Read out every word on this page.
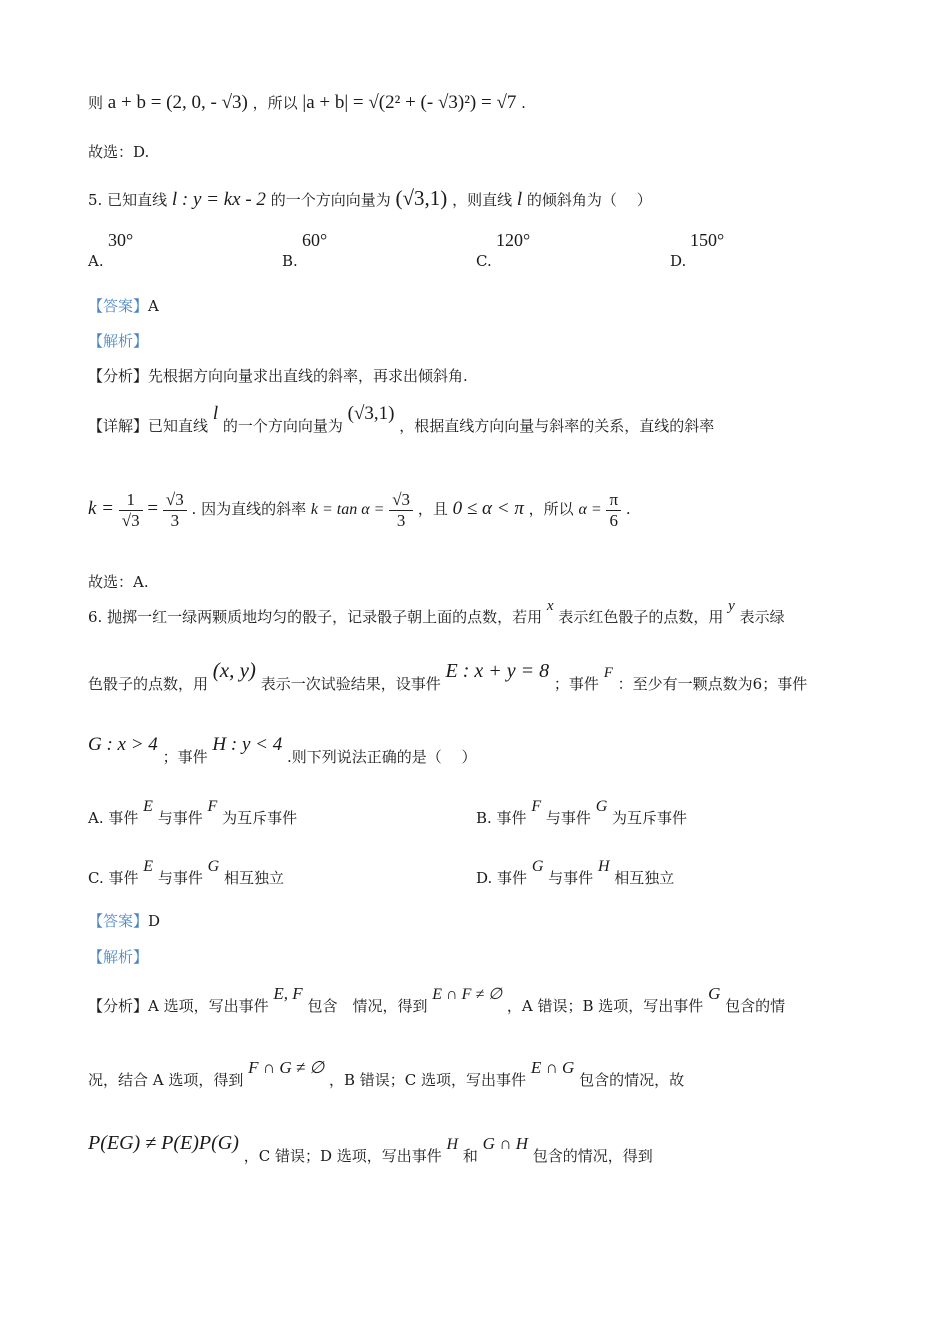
则 a + b = (2, 0, - √3) ，所以 |a + b| = √(2² + (- √3)²) = √7 .
故选：D.
5. 已知直线 l : y = kx - 2 的一个方向向量为 (√3,1) ，则直线 l 的倾斜角为（　 ）
A.
30°
B.
60°
C.
120°
D.
150°
【答案】A
【解析】
【分析】先根据方向向量求出直线的斜率，再求出倾斜角.
【详解】已知直线 l 的一个方向向量为 (√3,1) ，根据直线方向向量与斜率的关系，直线的斜率
$k = \frac{1}{√3} = \frac{√3}{3}$ . 因为直线的斜率 $k = \tan \alpha = \frac{√3}{3}$ ，且 0 ≤ α < π ，所以 $\alpha = \frac{\pi}{6}$ .
故选：A.
6. 抛掷一红一绿两颗质地均匀的骰子，记录骰子朝上面的点数，若用 x 表示红色骰子的点数，用 y 表示绿
色骰子的点数，用 (x, y) 表示一次试验结果，设事件 E : x + y = 8 ；事件 F ：至少有一颗点数为6；事件
G : x > 4 ；事件 H : y < 4 .则下列说法正确的是（　 ）
A. 事件 E 与事件 F 为互斥事件	B. 事件 F 与事件 G 为互斥事件
C. 事件 E 与事件 G 相互独立	D. 事件 G 与事件 H 相互独立
【答案】D
【解析】
【分析】A 选项，写出事件 E, F 包含　情况，得到 E ∩ F ≠ ∅ ，A 错误；B 选项，写出事件 G 包含的情
况，结合 A 选项，得到 F ∩ G ≠ ∅ ，B 错误；C 选项，写出事件 E ∩ G 包含的情况，故
P(EG) ≠ P(E)P(G) ，C 错误；D 选项，写出事件 H 和 G ∩ H 包含的情况，得到
